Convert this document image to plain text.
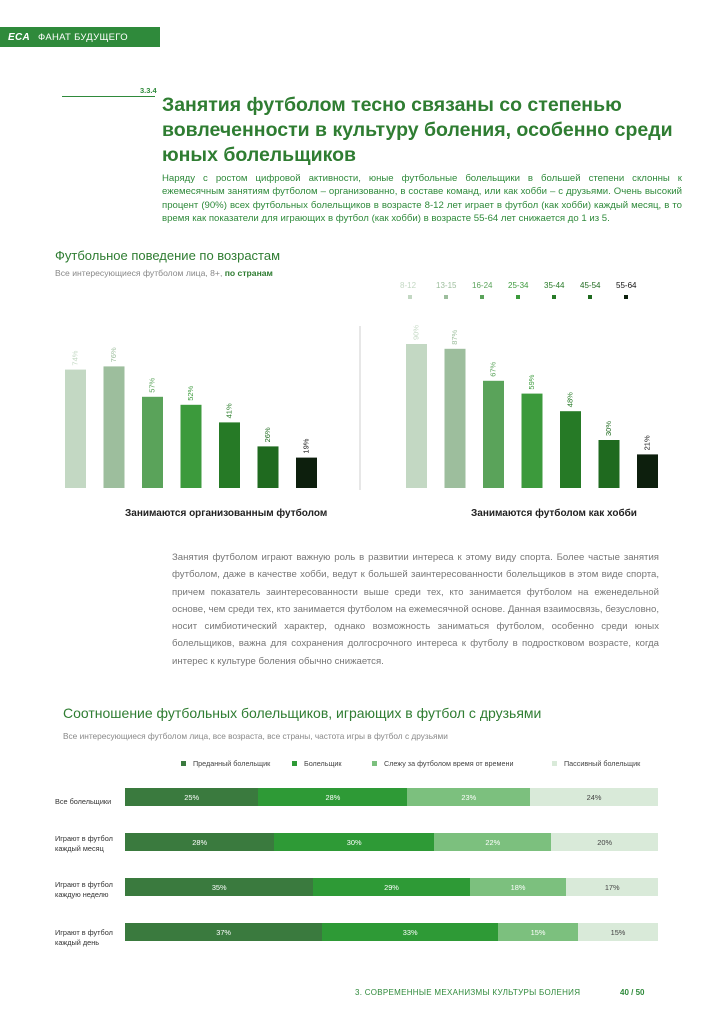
ECA ФАНАТ БУДУЩЕГО
3.3.4
Занятия футболом тесно связаны со степенью вовлеченности в культуру боления, особенно среди юных болельщиков

Наряду с ростом цифровой активности, юные футбольные болельщики в большей степени склонны к ежемесячным занятиям футболом – организованно, в составе команд, или как хобби – с друзьями. Очень высокий процент (90%) всех футбольных болельщиков в возрасте 8-12 лет играет в футбол (как хобби) каждый месяц, в то время как показатели для играющих в футбол (как хобби) в возрасте 55-64 лет снижается до 1 из 5.

Футбольное поведение по возрастам
Все интересующиеся футболом лица, 8+, по странам
8-12	13-15	16-24	25-34	35-44	45-54	55-64
74%	76%
57%
52%
41%
26%
19%
90%	87%
67%
59%
48%
30%
21%
Занимаются организованным футболом	Занимаются футболом как хобби

Занятия футболом играют важную роль в развитии интереса к этому виду спорта. Более частые занятия футболом, даже в качестве хобби, ведут к большей заинтересованности болельщиков в этом виде спорта, причем показатель заинтересованности выше среди тех, кто занимается футболом на еженедельной основе, чем среди тех, кто занимается футболом на ежемесячной основе. Данная взаимосвязь, безусловно, носит симбиотический характер, однако возможность заниматься футболом, особенно среди юных болельщиков, важна для сохранения долгосрочного интереса к футболу в подростковом возрасте, когда интерес к культуре боления обычно снижается.

Соотношение футбольных болельщиков, играющих в футбол с друзьями
Все интересующиеся футболом лица, все возраста, все страны, частота игры в футбол с друзьями
Преданный болельщик	Болельщик	Слежу за футболом время от времени	Пассивный болельщик
Все болельщики	25%	28%	23%	24%
Играют в футбол
каждый месяц
28%	30%	22%	20%
Играют в футбол
каждую неделю
35%	29%	18%	17%
Играют в футбол
каждый день
37%	33%	15%	15%
3. СОВРЕМЕННЫЕ МЕХАНИЗМЫ КУЛЬТУРЫ БОЛЕНИЯ	40 / 50
